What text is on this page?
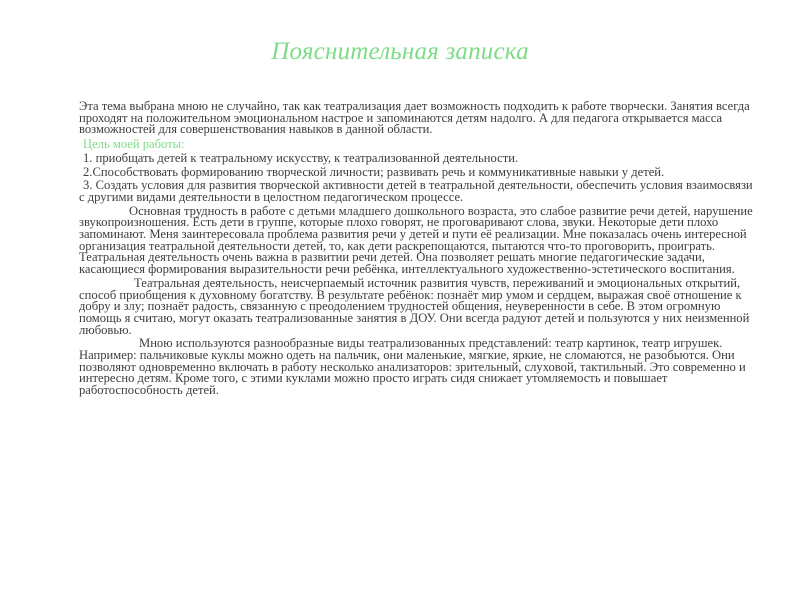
Пояснительная записка

Эта тема выбрана мною не случайно, так как театрализация дает возможность подходить к работе творчески. Занятия всегда проходят на положительном эмоциональном настрое и запоминаются детям надолго. А для педагога открывается масса возможностей для совершенствования навыков в данной области.

Цель моей работы:

1. приобщать детей к театральному искусству, к театрализованной деятельности.

2.Способствовать формированию творческой личности; развивать речь и коммуникативные навыки у детей.

3. Создать условия для развития творческой активности детей в театральной деятельности, обеспечить условия взаимосвязи с другими видами деятельности в целостном педагогическом процессе.

Основная трудность в работе с детьми младшего дошкольного возраста, это слабое развитие речи детей, нарушение звукопроизношения. Есть дети в группе, которые плохо говорят, не проговаривают слова, звуки. Некоторые дети плохо запоминают. Меня заинтересовала проблема развития речи у детей и пути её реализации. Мне показалась очень интересной организация театральной деятельности детей, то, как дети раскрепощаются, пытаются что-то проговорить, проиграть. Театральная деятельность очень важна в развитии речи детей. Она позволяет решать многие педагогические задачи, касающиеся формирования выразительности речи ребёнка, интеллектуального художественно-эстетического воспитания.

Театральная деятельность, неисчерпаемый источник развития чувств, переживаний и эмоциональных открытий, способ приобщения к духовному богатству. В результате ребёнок: познаёт мир умом и сердцем, выражая своё отношение к добру и злу; познаёт радость, связанную с преодолением трудностей общения, неуверенности в себе. В этом огромную помощь я считаю, могут оказать театрализованные занятия в ДОУ. Они всегда радуют детей и пользуются у них неизменной любовью.

Мною используются разнообразные виды театрализованных представлений: театр картинок, театр игрушек. Например: пальчиковые куклы можно одеть на пальчик, они маленькие, мягкие, яркие, не сломаются, не разобьются. Они позволяют одновременно включать в работу несколько анализаторов: зрительный, слуховой, тактильный. Это современно и интересно детям. Кроме того, с этими куклами можно просто играть сидя снижает утомляемость и повышает работоспособность детей.
